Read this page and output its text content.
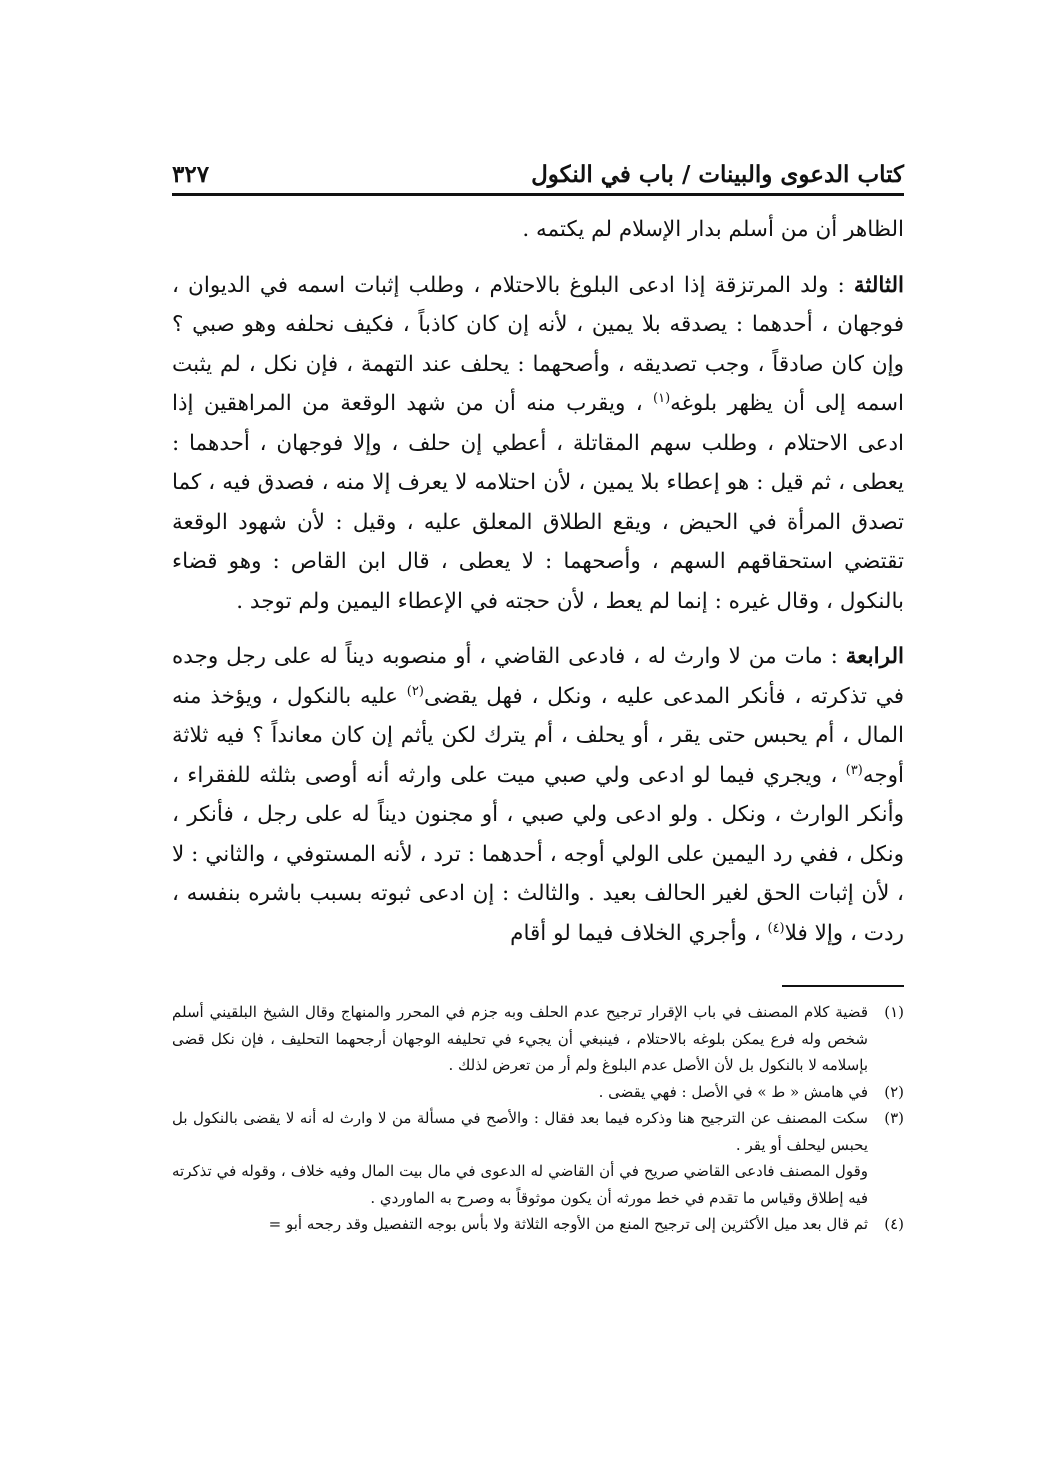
كتاب الدعوى والبينات / باب في النكول
٣٢٧

الظاهر أن من أسلم بدار الإسلام لم يكتمه .

الثالثة : ولد المرتزقة إذا ادعى البلوغ بالاحتلام ، وطلب إثبات اسمه في الديوان ، فوجهان ، أحدهما : يصدقه بلا يمين ، لأنه إن كان كاذباً ، فكيف نحلفه وهو صبي ؟ وإن كان صادقاً ، وجب تصديقه ، وأصحهما : يحلف عند التهمة ، فإن نكل ، لم يثبت اسمه إلى أن يظهر بلوغه$^{(١)}$ ، ويقرب منه أن من شهد الوقعة من المراهقين إذا ادعى الاحتلام ، وطلب سهم المقاتلة ، أعطي إن حلف ، وإلا فوجهان ، أحدهما : يعطى ، ثم قيل : هو إعطاء بلا يمين ، لأن احتلامه لا يعرف إلا منه ، فصدق فيه ، كما تصدق المرأة في الحيض ، ويقع الطلاق المعلق عليه ، وقيل : لأن شهود الوقعة تقتضي استحقاقهم السهم ، وأصحهما : لا يعطى ، قال ابن القاص : وهو قضاء بالنكول ، وقال غيره : إنما لم يعط ، لأن حجته في الإعطاء اليمين ولم توجد .

الرابعة : مات من لا وارث له ، فادعى القاضي ، أو منصوبه ديناً له على رجل وجده في تذكرته ، فأنكر المدعى عليه ، ونكل ، فهل يقضى$^{(٢)}$ عليه بالنكول ، ويؤخذ منه المال ، أم يحبس حتى يقر ، أو يحلف ، أم يترك لكن يأثم إن كان معانداً ؟ فيه ثلاثة أوجه$^{(٣)}$ ، ويجري فيما لو ادعى ولي صبي ميت على وارثه أنه أوصى بثلثه للفقراء ، وأنكر الوارث ، ونكل . ولو ادعى ولي صبي ، أو مجنون ديناً له على رجل ، فأنكر ، ونكل ، ففي رد اليمين على الولي أوجه ، أحدهما : ترد ، لأنه المستوفي ، والثاني : لا ، لأن إثبات الحق لغير الحالف بعيد . والثالث : إن ادعى ثبوته بسبب باشره بنفسه ، ردت ، وإلا فلا$^{(٤)}$ ، وأجري الخلاف فيما لو أقام

(١)
قضية كلام المصنف في باب الإقرار ترجيح عدم الحلف وبه جزم في المحرر والمنهاج وقال الشيخ البلقيني أسلم شخص وله فرع يمكن بلوغه بالاحتلام ، فينبغي أن يجيء في تحليفه الوجهان أرجحهما التحليف ، فإن نكل قضى بإسلامه لا بالنكول بل لأن الأصل عدم البلوغ ولم أر من تعرض لذلك .
(٢)
في هامش « ط » في الأصل : فهي يقضى .
(٣)
سكت المصنف عن الترجيح هنا وذكره فيما بعد فقال : والأصح في مسألة من لا وارث له أنه لا يقضى بالنكول بل يحبس ليحلف أو يقر .
وقول المصنف فادعى القاضي صريح في أن القاضي له الدعوى في مال بيت المال وفيه خلاف ، وقوله في تذكرته فيه إطلاق وقياس ما تقدم في خط مورثه أن يكون موثوقاً به وصرح به الماوردي .
(٤)
ثم قال بعد ميل الأكثرين إلى ترجيح المنع من الأوجه الثلاثة ولا بأس بوجه التفصيل وقد رجحه أبو =
